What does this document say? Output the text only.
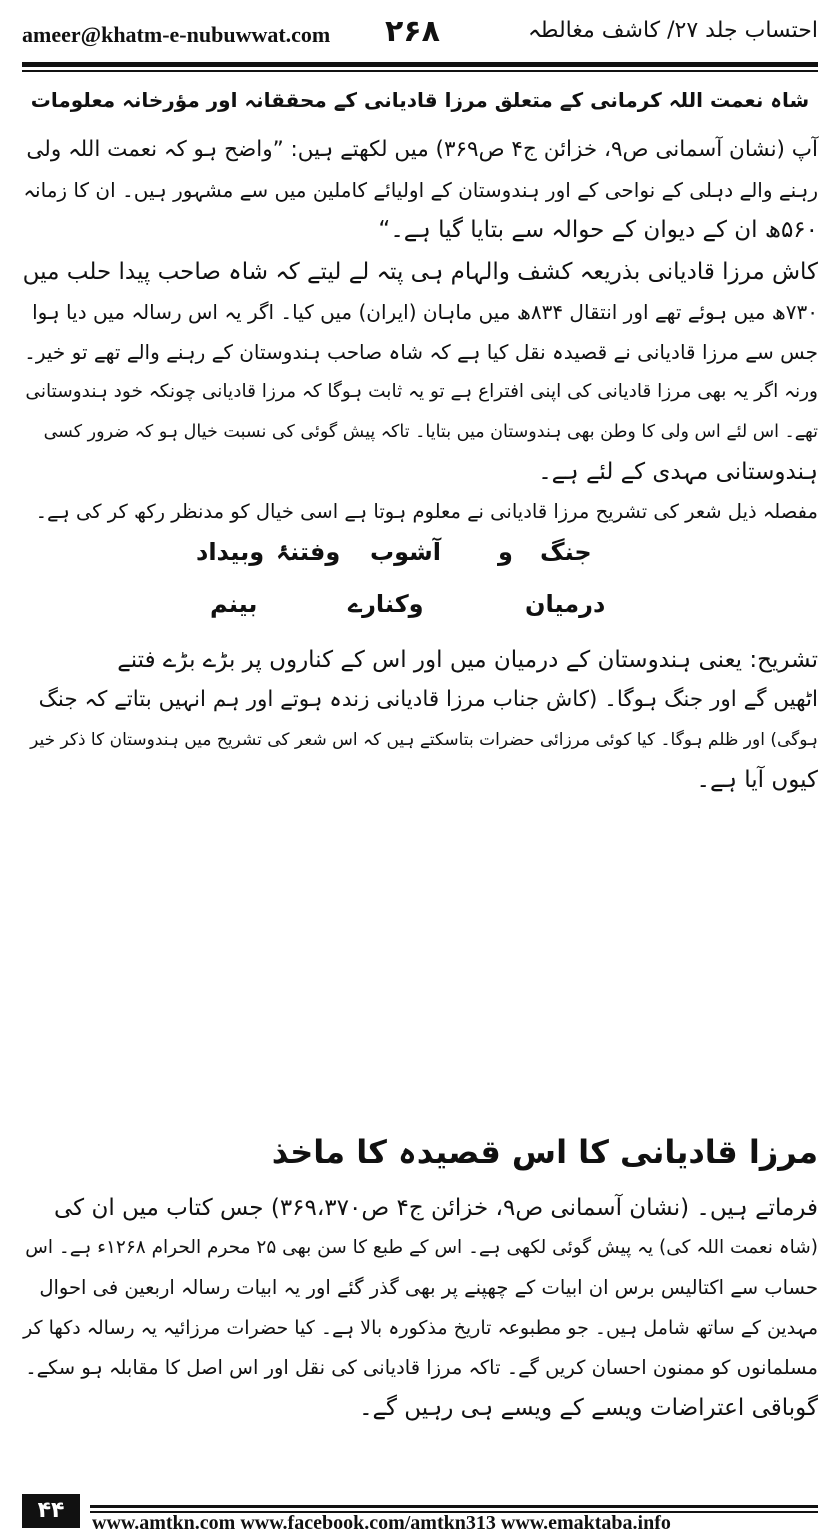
ameer@khatm-e-nubuwwat.com ۲۶۸	احتساب جلد ۲۷/ کاشف مغالطہ
شاہ نعمت اللہ کرمانی کے متعلق مرزا قادیانی کے محققانہ اور مؤرخانہ معلومات
آپ (نشان آسمانی ص۹، خزائن ج۴ ص۳۶۹) میں لکھتے ہیں: ”واضح ہو کہ نعمت اللہ ولی
رہنے والے دہلی کے نواحی کے اور ہندوستان کے اولیائے کاملین میں سے مشہور ہیں۔ ان کا زمانہ
۵۶۰ھ ان کے دیوان کے حوالہ سے بتایا گیا ہے۔“
کاش مرزا قادیانی بذریعہ کشف والہام ہی پتہ لے لیتے کہ شاہ صاحب پیدا حلب میں
۷۳۰ھ میں ہوئے تھے اور انتقال ۸۳۴ھ میں ماہان (ایران) میں کیا۔ اگر یہ اس رسالہ میں دیا ہوا
جس سے مرزا قادیانی نے قصیدہ نقل کیا ہے کہ شاہ صاحب ہندوستان کے رہنے والے تھے تو خیر۔
ورنہ اگر یہ بھی مرزا قادیانی کی اپنی افتراع ہے تو یہ ثابت ہوگا کہ مرزا قادیانی چونکہ خود ہندوستانی
تھے۔ اس لئے اس ولی کا وطن بھی ہندوستان میں بتایا۔ تاکہ پیش گوئی کی نسبت خیال ہو کہ ضرور کسی
ہندوستانی مہدی کے لئے ہے۔
مفصلہ ذیل شعر کی تشریح مرزا قادیانی نے معلوم ہوتا ہے اسی خیال کو مدنظر رکھ کر کی ہے۔
جنگ
و
آشوب
وفتنۂ
وبیداد
درمیان
وکنارے
بینم
تشریح: یعنی ہندوستان کے درمیان میں اور اس کے کناروں پر بڑے بڑے فتنے
اٹھیں گے اور جنگ ہوگا۔ (کاش جناب مرزا قادیانی زندہ ہوتے اور ہم انہیں بتاتے کہ جنگ
ہوگی) اور ظلم ہوگا۔ کیا کوئی مرزائی حضرات بتاسکتے ہیں کہ اس شعر کی تشریح میں ہندوستان کا ذکر خیر
کیوں آیا ہے۔
مرزا قادیانی کا اس قصیدہ کا ماخذ
فرماتے ہیں۔ (نشان آسمانی ص۹، خزائن ج۴ ص۳۶۹،۳۷۰) جس کتاب میں ان کی
(شاہ نعمت اللہ کی) یہ پیش گوئی لکھی ہے۔ اس کے طبع کا سن بھی ۲۵ محرم الحرام ۱۲۶۸ء ہے۔ اس
حساب سے اکتالیس برس ان ابیات کے چھپنے پر بھی گذر گئے اور یہ ابیات رسالہ اربعین فی احوال
مہدین کے ساتھ شامل ہیں۔ جو مطبوعہ تاریخ مذکورہ بالا ہے۔ کیا حضرات مرزائیہ یہ رسالہ دکھا کر
مسلمانوں کو ممنون احسان کریں گے۔ تاکہ مرزا قادیانی کی نقل اور اس اصل کا مقابلہ ہو سکے۔
گوباقی اعتراضات ویسے کے ویسے ہی رہیں گے۔
۴۴	www.amtkn.com www.facebook.com/amtkn313 www.emaktaba.info
